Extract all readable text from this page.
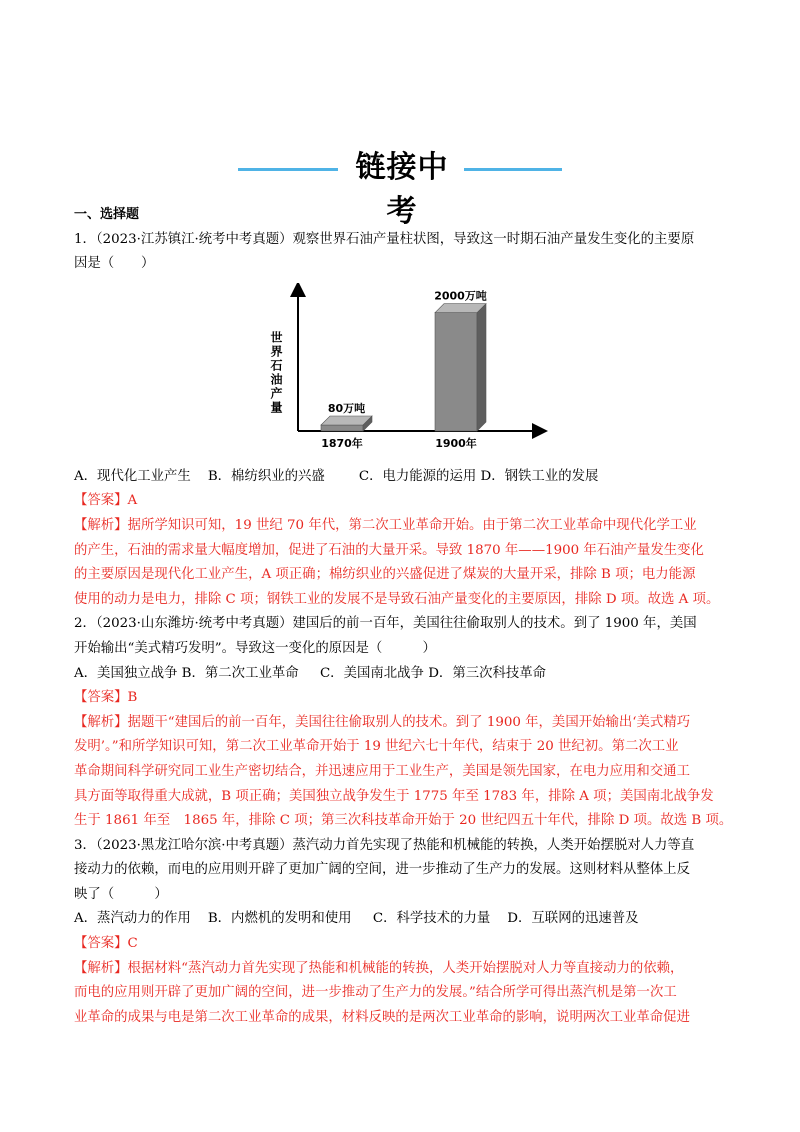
链接中考
一、选择题
1．（2023·江苏镇江·统考中考真题）观察世界石油产量柱状图，导致这一时期石油产量发生变化的主要原
因是（　　）
世界石油产量	80万吨
1870年
2000万吨
1900年
A．现代化工业产生 B．棉纺织业的兴盛	C．电力能源的运用 D．钢铁工业的发展
【答案】A
【解析】据所学知识可知，19 世纪 70 年代，第二次工业革命开始。由于第二次工业革命中现代化学工业
的产生，石油的需求量大幅度增加，促进了石油的大量开采。导致 1870 年——1900 年石油产量发生变化
的主要原因是现代化工业产生，A 项正确；棉纺织业的兴盛促进了煤炭的大量开采，排除 B 项；电力能源
使用的动力是电力，排除 C 项；钢铁工业的发展不是导致石油产量变化的主要原因，排除 D 项。故选 A 项。
2．（2023·山东潍坊·统考中考真题）建国后的前一百年，美国往往偷取别人的技术。到了 1900 年，美国
开始输出“美式精巧发明”。导致这一变化的原因是（　　　）
A．美国独立战争 B．第二次工业革命 C．美国南北战争 D．第三次科技革命
【答案】B
【解析】据题干“建国后的前一百年，美国往往偷取别人的技术。到了 1900 年，美国开始输出‘美式精巧
发明’。”和所学知识可知，第二次工业革命开始于 19 世纪六七十年代，结束于 20 世纪初。第二次工业
革命期间科学研究同工业生产密切结合，并迅速应用于工业生产，美国是领先国家，在电力应用和交通工
具方面等取得重大成就，B 项正确；美国独立战争发生于 1775 年至 1783 年，排除 A 项；美国南北战争发
生于 1861 年至　1865 年，排除 C 项；第三次科技革命开始于 20 世纪四五十年代，排除 D 项。故选 B 项。
3．（2023·黑龙江哈尔滨·中考真题）蒸汽动力首先实现了热能和机械能的转换，人类开始摆脱对人力等直
接动力的依赖，而电的应用则开辟了更加广阔的空间，进一步推动了生产力的发展。这则材料从整体上反
映了（　　　）
A．蒸汽动力的作用 B．内燃机的发明和使用 C．科学技术的力量 D．互联网的迅速普及
【答案】C
【解析】根据材料“蒸汽动力首先实现了热能和机械能的转换，人类开始摆脱对人力等直接动力的依赖，
而电的应用则开辟了更加广阔的空间，进一步推动了生产力的发展。”结合所学可得出蒸汽机是第一次工
业革命的成果与电是第二次工业革命的成果，材料反映的是两次工业革命的影响，说明两次工业革命促进
